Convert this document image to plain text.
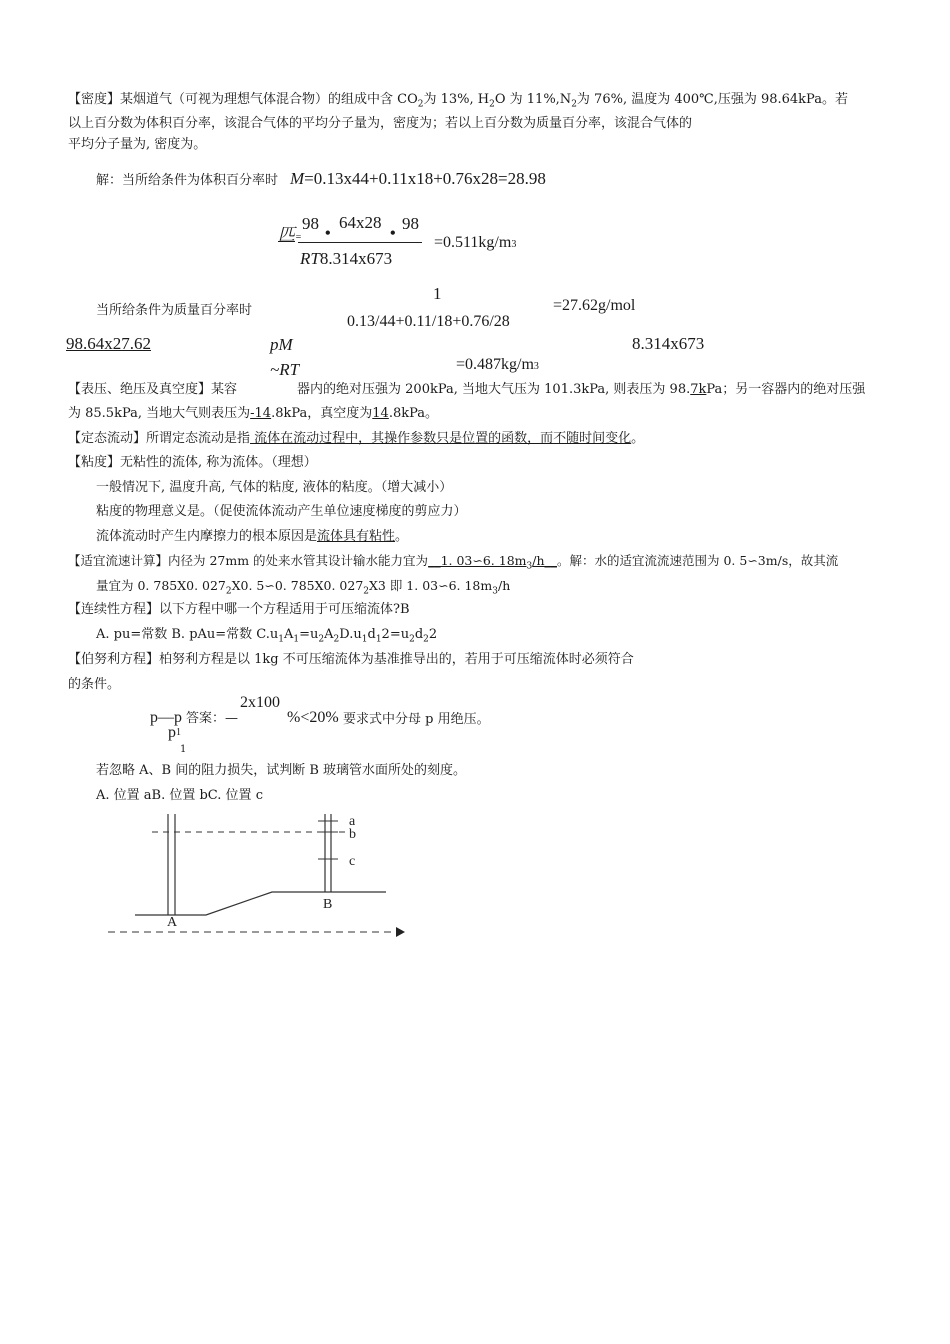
【密度】某烟道气（可视为理想气体混合物）的组成中含 $CO_2$为 13%, $H_2O$ 为 $11\%,N_2$为 76%, 温度为 400℃,压强为 98.64kPa。若
以上百分数为体积百分率，该混合气体的平均分子量为，密度为；若以上百分数为质量百分率，该混合气体的
平均分子量为, 密度为。
解：当所给条件为体积百分率时 M=0.13x44+0.11x18+0.76x28=28.98
匹=
98
•
64x28
•
98
RT8.314x673
=0.511kg/m3
1
当所给条件为质量百分率时	=27.62g/mol
0.13/44+0.11/18+0.76/28
98.64x27.62	pM	8.314x673
~RT	=0.487kg/m3
【表压、绝压及真空度】某容	器内的绝对压强为 200kPa, 当地大气压为 101.3kPa, 则表压为 98.7kPa；另一容器内的绝对压强
为 85.5kPa, 当地大气则表压为-14.8kPa，真空度为14.8kPa。
【定态流动】所谓定态流动是指 流体在流动过程中，其操作参数只是位置的函数，而不随时间变化。
【粘度】无粘性的流体, 称为流体。（理想）
一般情况下, 温度升高, 气体的粘度, 液体的粘度。（增大减小）
粘度的物理意义是。（促使流体流动产生单位速度梯度的剪应力）
流体流动时产生内摩擦力的根本原因是流体具有粘性。
【适宜流速计算】内径为 27mm 的处来水管其设计输水能力宜为__1. 03∽6. $18m_3/h\_\_$。解：水的适宜流流速范围为 0. 5∽3m/s，故其流
量宜为 0. 785X0. $027_2X0$. 5∽0. 785X0. $027_2X3$ 即 1. 03∽6. $18m_3/h$
【连续性方程】以下方程中哪一个方程适用于可压缩流体?B
A. pu=常数 B. pAu=常数 $C.u_1A_1=u_2A_2D.u_1d_12=u_2d_22$
【伯努利方程】柏努利方程是以 1kg 不可压缩流体为基准推导出的，若用于可压缩流体时必须符合
的条件。
2x100
p—p 答案：—	%<20% 要求式中分母 p 用绝压。
$p^1$
1
若忽略 A、B 间的阻力损失，试判断 B 玻璃管水面所处的刻度。
A. 位置 aB. 位置 bC. 位置 c
a
b
c
A
B
